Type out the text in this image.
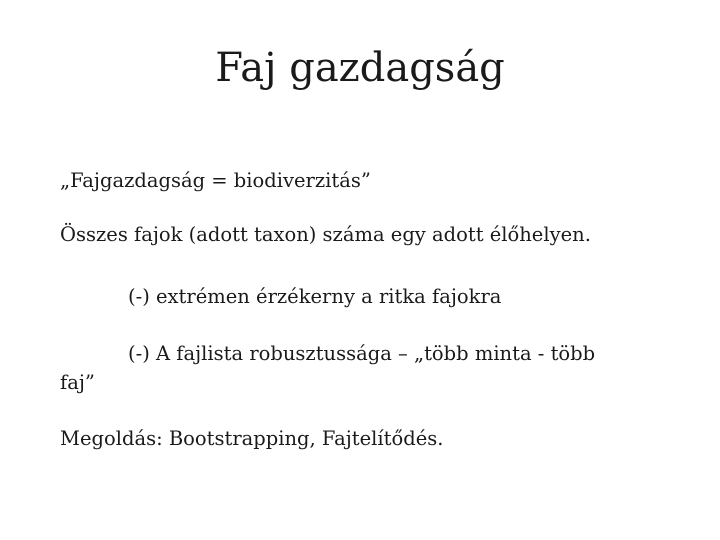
Faj gazdagság

„Fajgazdagság = biodiverzitás”

Összes fajok (adott taxon) száma egy adott élőhelyen.

(-) extrémen érzékerny a ritka fajokra

(-) A fajlista robusztussága – „több minta - több

faj”

Megoldás: Bootstrapping, Fajtelítődés.
